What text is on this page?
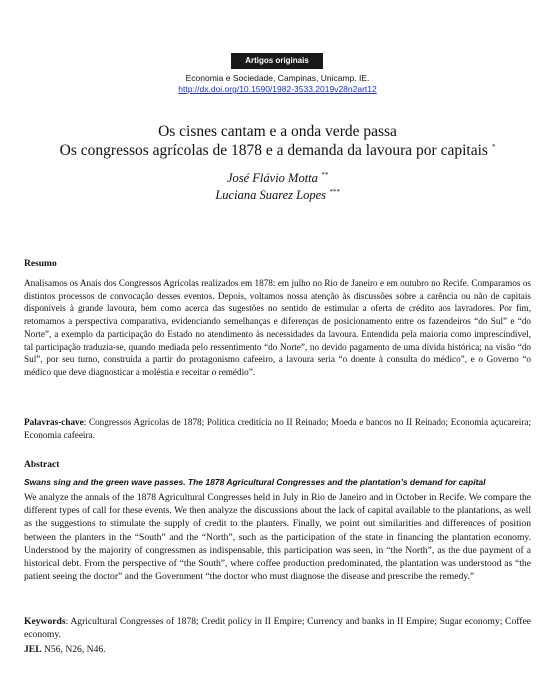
Artigos originais
Economia e Sociedade, Campinas, Unicamp. IE.
http://dx.doi.org/10.1590/1982-3533.2019v28n2art12
Os cisnes cantam e a onda verde passa
Os congressos agrícolas de 1878 e a demanda da lavoura por capitais *
José Flávio Motta **
Luciana Suarez Lopes ***
Resumo
Analisamos os Anais dos Congressos Agrícolas realizados em 1878: em julho no Rio de Janeiro e em outubro no Recife. Comparamos os distintos processos de convocação desses eventos. Depois, voltamos nossa atenção às discussões sobre a carência ou não de capitais disponíveis à grande lavoura, bem como acerca das sugestões no sentido de estimular a oferta de crédito aos lavradores. Por fim, retomamos a perspectiva comparativa, evidenciando semelhanças e diferenças de posicionamento entre os fazendeiros “do Sul” e “do Norte”, a exemplo da participação do Estado no atendimento às necessidades da lavoura. Entendida pela maioria como imprescindível, tal participação traduzia-se, quando mediada pelo ressentimento “do Norte”, no devido pagamento de uma dívida histórica; na visão “do Sul”, por seu turno, construída a partir do protagonismo cafeeiro, a lavoura seria “o doente à consulta do médico”, e o Governo “o médico que deve diagnosticar a moléstia e receitar o remédio”.
Palavras-chave: Congressos Agrícolas de 1878; Política creditícia no II Reinado; Moeda e bancos no II Reinado; Economia açucareira; Economia cafeeira.
Abstract
Swans sing and the green wave passes. The 1878 Agricultural Congresses and the plantation’s demand for capital
We analyze the annals of the 1878 Agricultural Congresses held in July in Rio de Janeiro and in October in Recife. We compare the different types of call for these events. We then analyze the discussions about the lack of capital available to the plantations, as well as the suggestions to stimulate the supply of credit to the planters. Finally, we point out similarities and differences of position between the planters in the “South” and the “North”, such as the participation of the state in financing the plantation economy. Understood by the majority of congressmen as indispensable, this participation was seen, in “the North”, as the due payment of a historical debt. From the perspective of “the South”, where coffee production predominated, the plantation was understood as “the patient seeing the doctor” and the Government “the doctor who must diagnose the disease and prescribe the remedy.”
Keywords: Agricultural Congresses of 1878; Credit policy in II Empire; Currency and banks in II Empire; Sugar economy; Coffee economy.
JEL N56, N26, N46.
